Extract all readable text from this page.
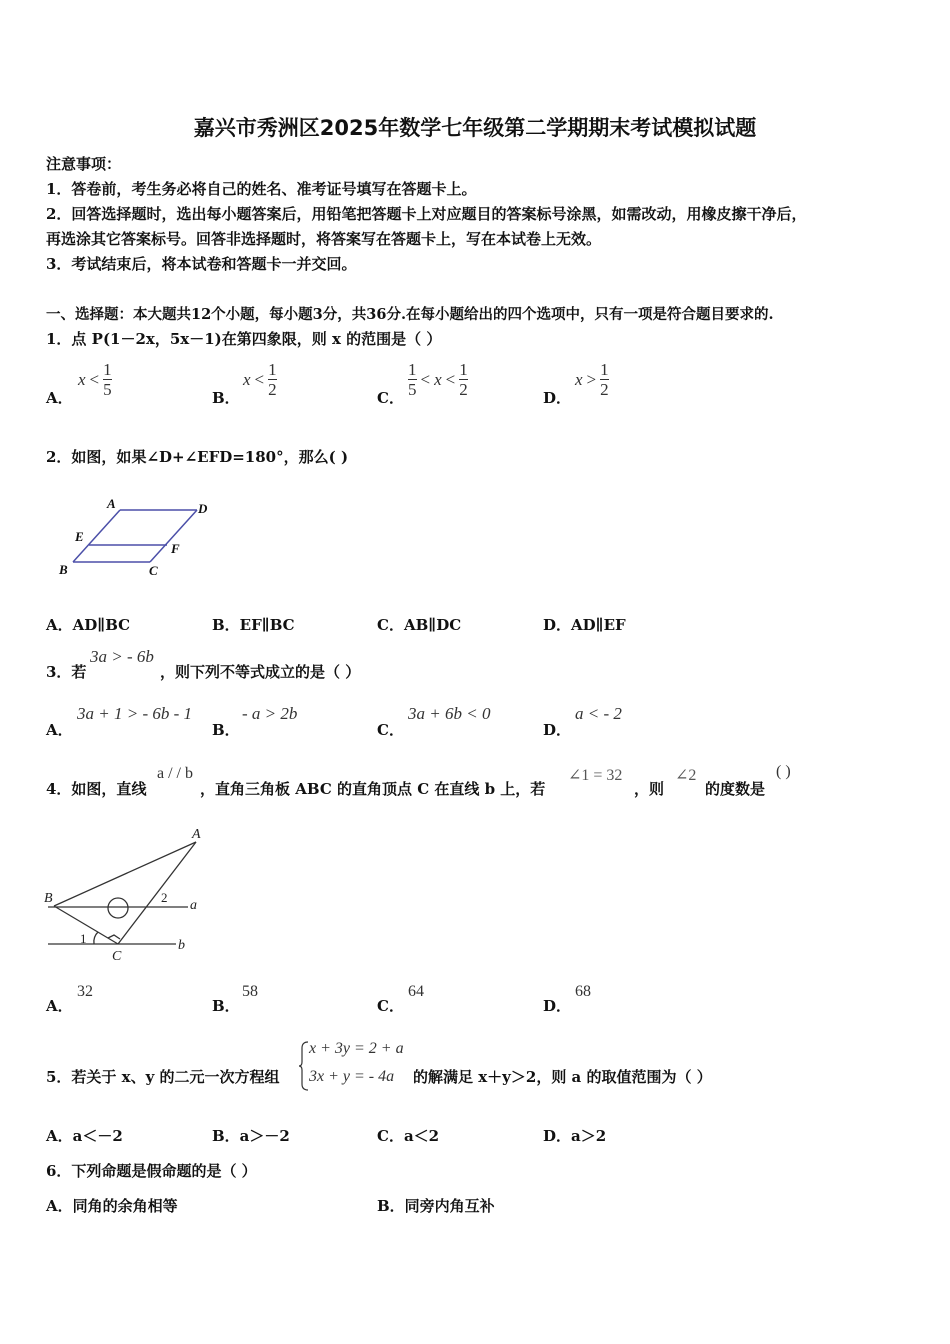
嘉兴市秀洲区2025年数学七年级第二学期期末考试模拟试题
注意事项：
1．答卷前，考生务必将自己的姓名、准考证号填写在答题卡上。
2．回答选择题时，选出每小题答案后，用铅笔把答题卡上对应题目的答案标号涂黑，如需改动，用橡皮擦干净后，
再选涂其它答案标号。回答非选择题时，将答案写在答题卡上，写在本试卷上无效。
3．考试结束后，将本试卷和答题卡一并交回。
一、选择题：本大题共12个小题，每小题3分，共36分.在每小题给出的四个选项中，只有一项是符合题目要求的.
1．点 P(1－2x，5x－1)在第四象限，则 x 的范围是（ ）
A．
$x < \frac{1}{5}$	B．
$x < \frac{1}{2}$	C． $\frac{1}{5} < x < \frac{1}{2}$	D．
$x > \frac{1}{2}$
2．如图，如果∠D+∠EFD=180°，那么( )
A	D
E
F
B	C
A．AD∥BC	B．EF∥BC	C．AB∥DC	D．AD∥EF
3．若
3a > - 6b
，则下列不等式成立的是（ ）
A．
3a + 1 > - 6b - 1
B．
- a > 2b
C．
3a + 6b < 0
D．
a < - 2
4．如图，直线
a / / b
，直角三角板 ABC 的直角顶点 C 在直线 b 上，若
∠1 = 32
，则
∠2
的度数是
( )
A
B
C
a
b
1
2
A．
32
B．
58
C．
64
D．
68
5．若关于 x、y 的二元一次方程组
x + 3y = 2 + a
3x + y = - 4a 的解满足 x＋y＞2，则 a 的取值范围为（ ）
A．a＜－2	B．a＞－2	C．a＜2	D．a＞2
6．下列命题是假命题的是（ ）
A．同角的余角相等	B．同旁内角互补
